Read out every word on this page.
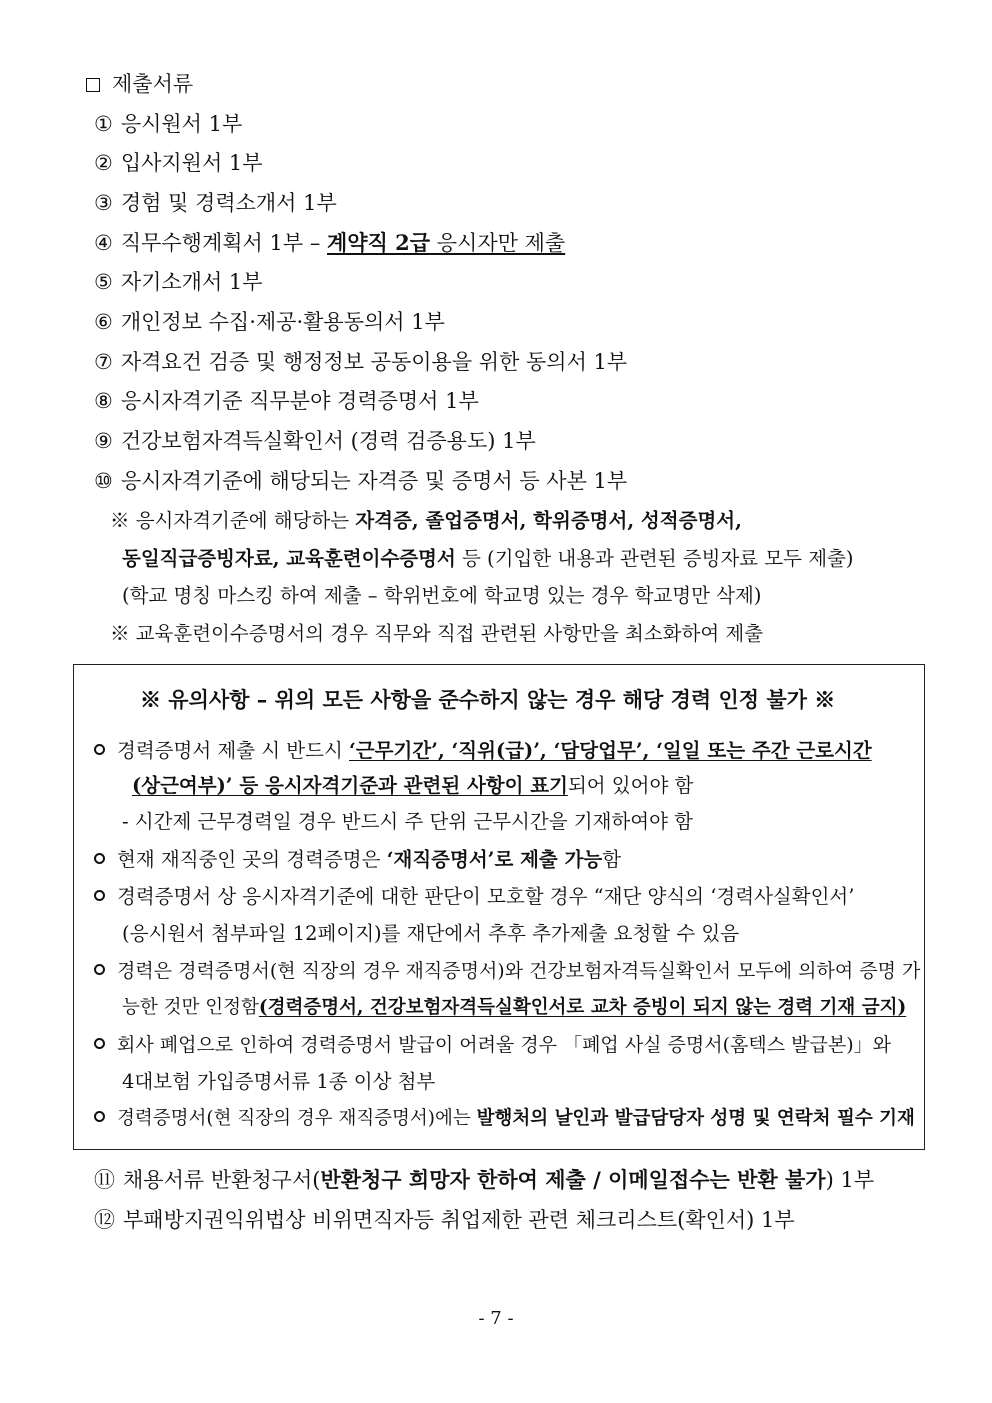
제출서류
① 응시원서 1부
② 입사지원서 1부
③ 경험 및 경력소개서 1부
④ 직무수행계획서 1부 – 계약직 2급 응시자만 제출
⑤ 자기소개서 1부
⑥ 개인정보 수집·제공·활용동의서 1부
⑦ 자격요건 검증 및 행정정보 공동이용을 위한 동의서 1부
⑧ 응시자격기준 직무분야 경력증명서 1부
⑨ 건강보험자격득실확인서 (경력 검증용도) 1부
⑩ 응시자격기준에 해당되는 자격증 및 증명서 등 사본 1부
※ 응시자격기준에 해당하는 자격증, 졸업증명서, 학위증명서, 성적증명서,
동일직급증빙자료, 교육훈련이수증명서 등 (기입한 내용과 관련된 증빙자료 모두 제출)
(학교 명칭 마스킹 하여 제출 – 학위번호에 학교명 있는 경우 학교명만 삭제)
※ 교육훈련이수증명서의 경우 직무와 직접 관련된 사항만을 최소화하여 제출
※ 유의사항 – 위의 모든 사항을 준수하지 않는 경우 해당 경력 인정 불가 ※
경력증명서 제출 시 반드시 ‘근무기간’, ‘직위(급)’, ‘담당업무’, ‘일일 또는 주간 근로시간
(상근여부)’ 등 응시자격기준과 관련된 사항이 표기되어 있어야 함
- 시간제 근무경력일 경우 반드시 주 단위 근무시간을 기재하여야 함
현재 재직중인 곳의 경력증명은 ‘재직증명서’로 제출 가능함
경력증명서 상 응시자격기준에 대한 판단이 모호할 경우 “재단 양식의 ‘경력사실확인서’
(응시원서 첨부파일 12페이지)를 재단에서 추후 추가제출 요청할 수 있음
경력은 경력증명서(현 직장의 경우 재직증명서)와 건강보험자격득실확인서 모두에 의하여 증명 가
능한 것만 인정함(경력증명서, 건강보험자격득실확인서로 교차 증빙이 되지 않는 경력 기재 금지)
회사 폐업으로 인하여 경력증명서 발급이 어려울 경우 「폐업 사실 증명서(홈텍스 발급본)」와
4대보험 가입증명서류 1종 이상 첨부
경력증명서(현 직장의 경우 재직증명서)에는 발행처의 날인과 발급담당자 성명 및 연락처 필수 기재
⑪ 채용서류 반환청구서(반환청구 희망자 한하여 제출 / 이메일접수는 반환 불가) 1부
⑫ 부패방지권익위법상 비위면직자등 취업제한 관련 체크리스트(확인서) 1부
- 7 -
